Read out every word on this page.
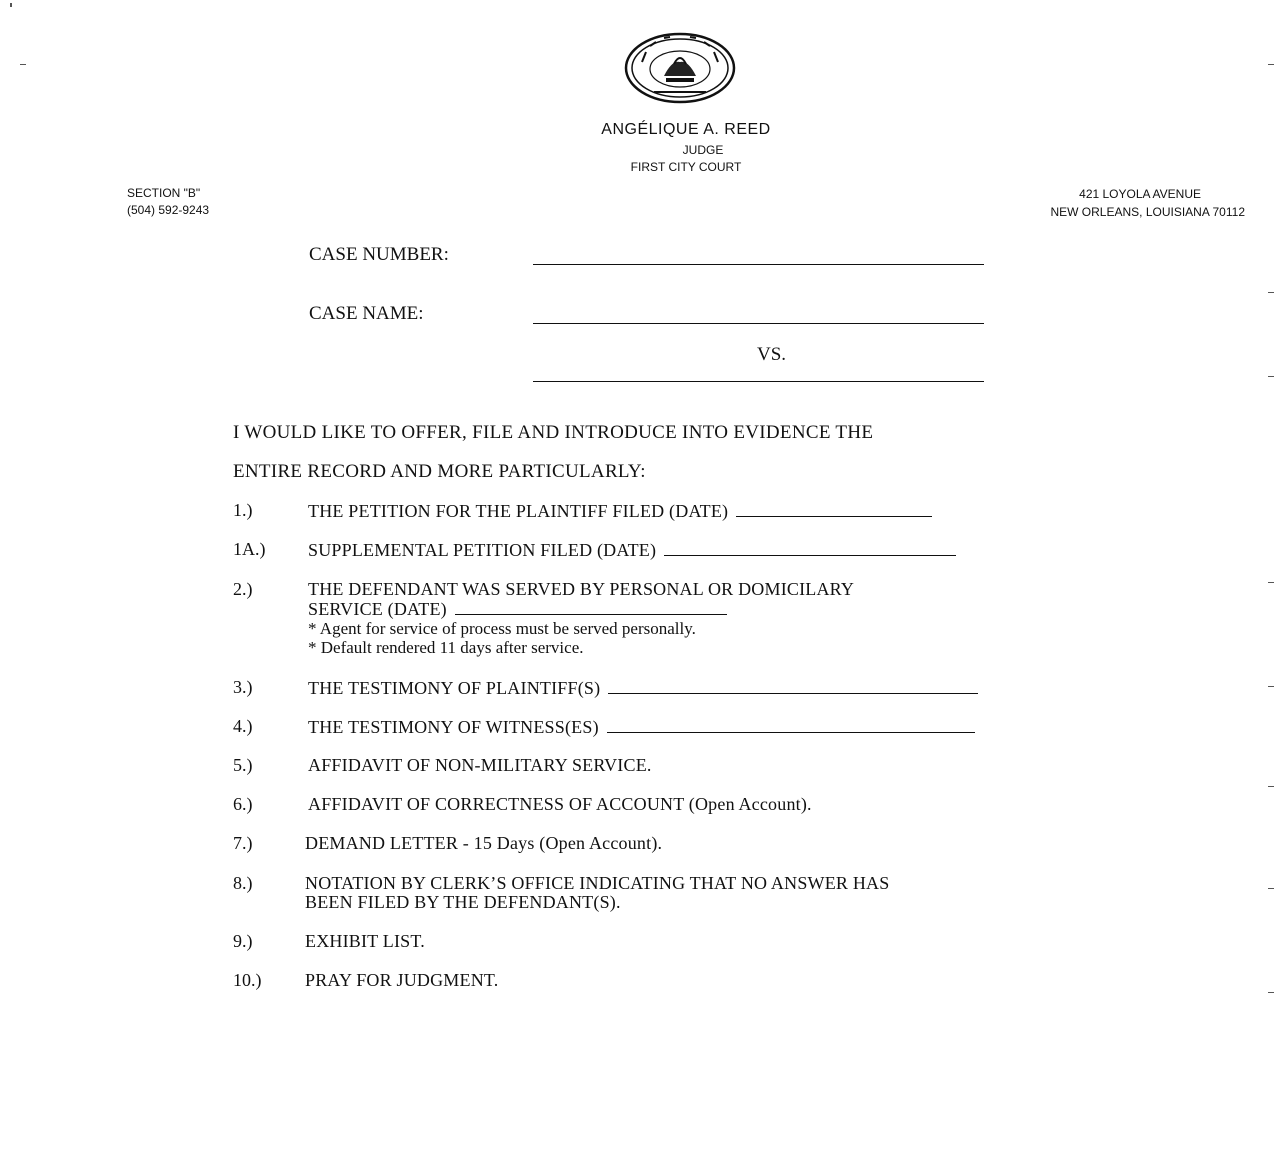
ANGÉLIQUE A. REED
JUDGE
FIRST CITY COURT
SECTION "B"
(504) 592-9243
421 LOYOLA AVENUE
NEW ORLEANS, LOUISIANA 70112
CASE NUMBER:
CASE NAME:
VS.
I WOULD LIKE TO OFFER, FILE AND INTRODUCE INTO EVIDENCE THE
ENTIRE RECORD AND MORE PARTICULARLY:
1.)	THE PETITION FOR THE PLAINTIFF FILED (DATE)
1A.) SUPPLEMENTAL PETITION FILED (DATE)
2.)	THE DEFENDANT WAS SERVED BY PERSONAL OR DOMICILARY
SERVICE (DATE)
* Agent for service of process must be served personally.
* Default rendered 11 days after service.
3.)	THE TESTIMONY OF PLAINTIFF(S)
4.)	THE TESTIMONY OF WITNESS(ES)
5.)	AFFIDAVIT OF NON-MILITARY SERVICE.
6.)	AFFIDAVIT OF CORRECTNESS OF ACCOUNT (Open Account).
7.)	DEMAND LETTER - 15 Days (Open Account).
8.)	NOTATION BY CLERK’S OFFICE INDICATING THAT NO ANSWER HAS
BEEN FILED BY THE DEFENDANT(S).
9.)	EXHIBIT LIST.
10.) PRAY FOR JUDGMENT.
